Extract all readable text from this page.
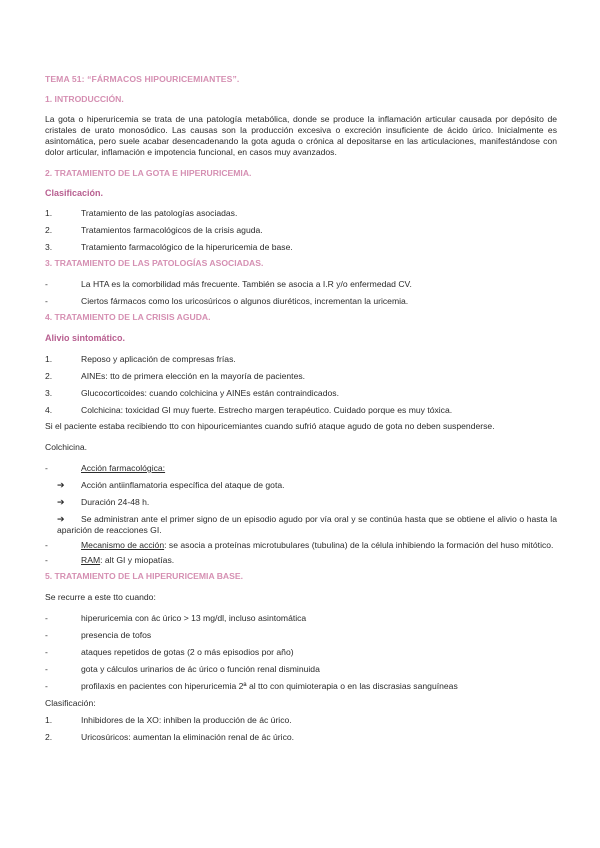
TEMA 51: “FÁRMACOS HIPOURICEMIANTES”.
1. INTRODUCCIÓN.
La gota o hiperuricemia se trata de una patología metabólica, donde se produce la inflamación articular causada por depósito de cristales de urato monosódico. Las causas son la producción excesiva o excreción insuficiente de ácido úrico. Inicialmente es asintomática, pero suele acabar desencadenando la gota aguda o crónica al depositarse en las articulaciones, manifestándose con dolor articular, inflamación e impotencia funcional, en casos muy avanzados.
2. TRATAMIENTO DE LA GOTA E HIPERURICEMIA.
Clasificación.
1.	Tratamiento de las patologías asociadas.
2.	Tratamientos farmacológicos de la crisis aguda.
3.	Tratamiento farmacológico de la hiperuricemia de base.
3. TRATAMIENTO DE LAS PATOLOGÍAS ASOCIADAS.
-	La HTA es la comorbilidad más frecuente. También se asocia a I.R y/o enfermedad CV.
-	Ciertos fármacos como los uricosúricos o algunos diuréticos, incrementan la uricemia.
4. TRATAMIENTO DE LA CRISIS AGUDA.
Alivio sintomático.
1.	Reposo y aplicación de compresas frías.
2.	AINEs: tto de primera elección en la mayoría de pacientes.
3.	Glucocorticoides: cuando colchicina y AINEs están contraindicados.
4.	Colchicina: toxicidad GI muy fuerte. Estrecho margen terapéutico. Cuidado porque es muy tóxica.
Si el paciente estaba recibiendo tto con hipouricemiantes cuando sufrió ataque agudo de gota no deben suspenderse.
Colchicina.
-	Acción farmacológica:
➔	Acción antiinflamatoria específica del ataque de gota.
➔	Duración 24-48 h.
➔ Se administran ante el primer signo de un episodio agudo por vía oral y se continúa hasta que se obtiene el alivio o hasta la aparición de reacciones GI.
-	Mecanismo de acción: se asocia a proteínas microtubulares (tubulina) de la célula inhibiendo la formación del huso mitótico.
-	RAM: alt GI y miopatías.
5. TRATAMIENTO DE LA HIPERURICEMIA BASE.
Se recurre a este tto cuando:
-	hiperuricemia con ác úrico > 13 mg/dl, incluso asintomática
-	presencia de tofos
-	ataques repetidos de gotas (2 o más episodios por año)
-	gota y cálculos urinarios de ác úrico o función renal disminuida
-	profilaxis en pacientes con hiperuricemia 2ª al tto con quimioterapia o en las discrasias sanguíneas
Clasificación:
1.	Inhibidores de la XO: inhiben la producción de ác úrico.
2.	Uricosúricos: aumentan la eliminación renal de ác úrico.
